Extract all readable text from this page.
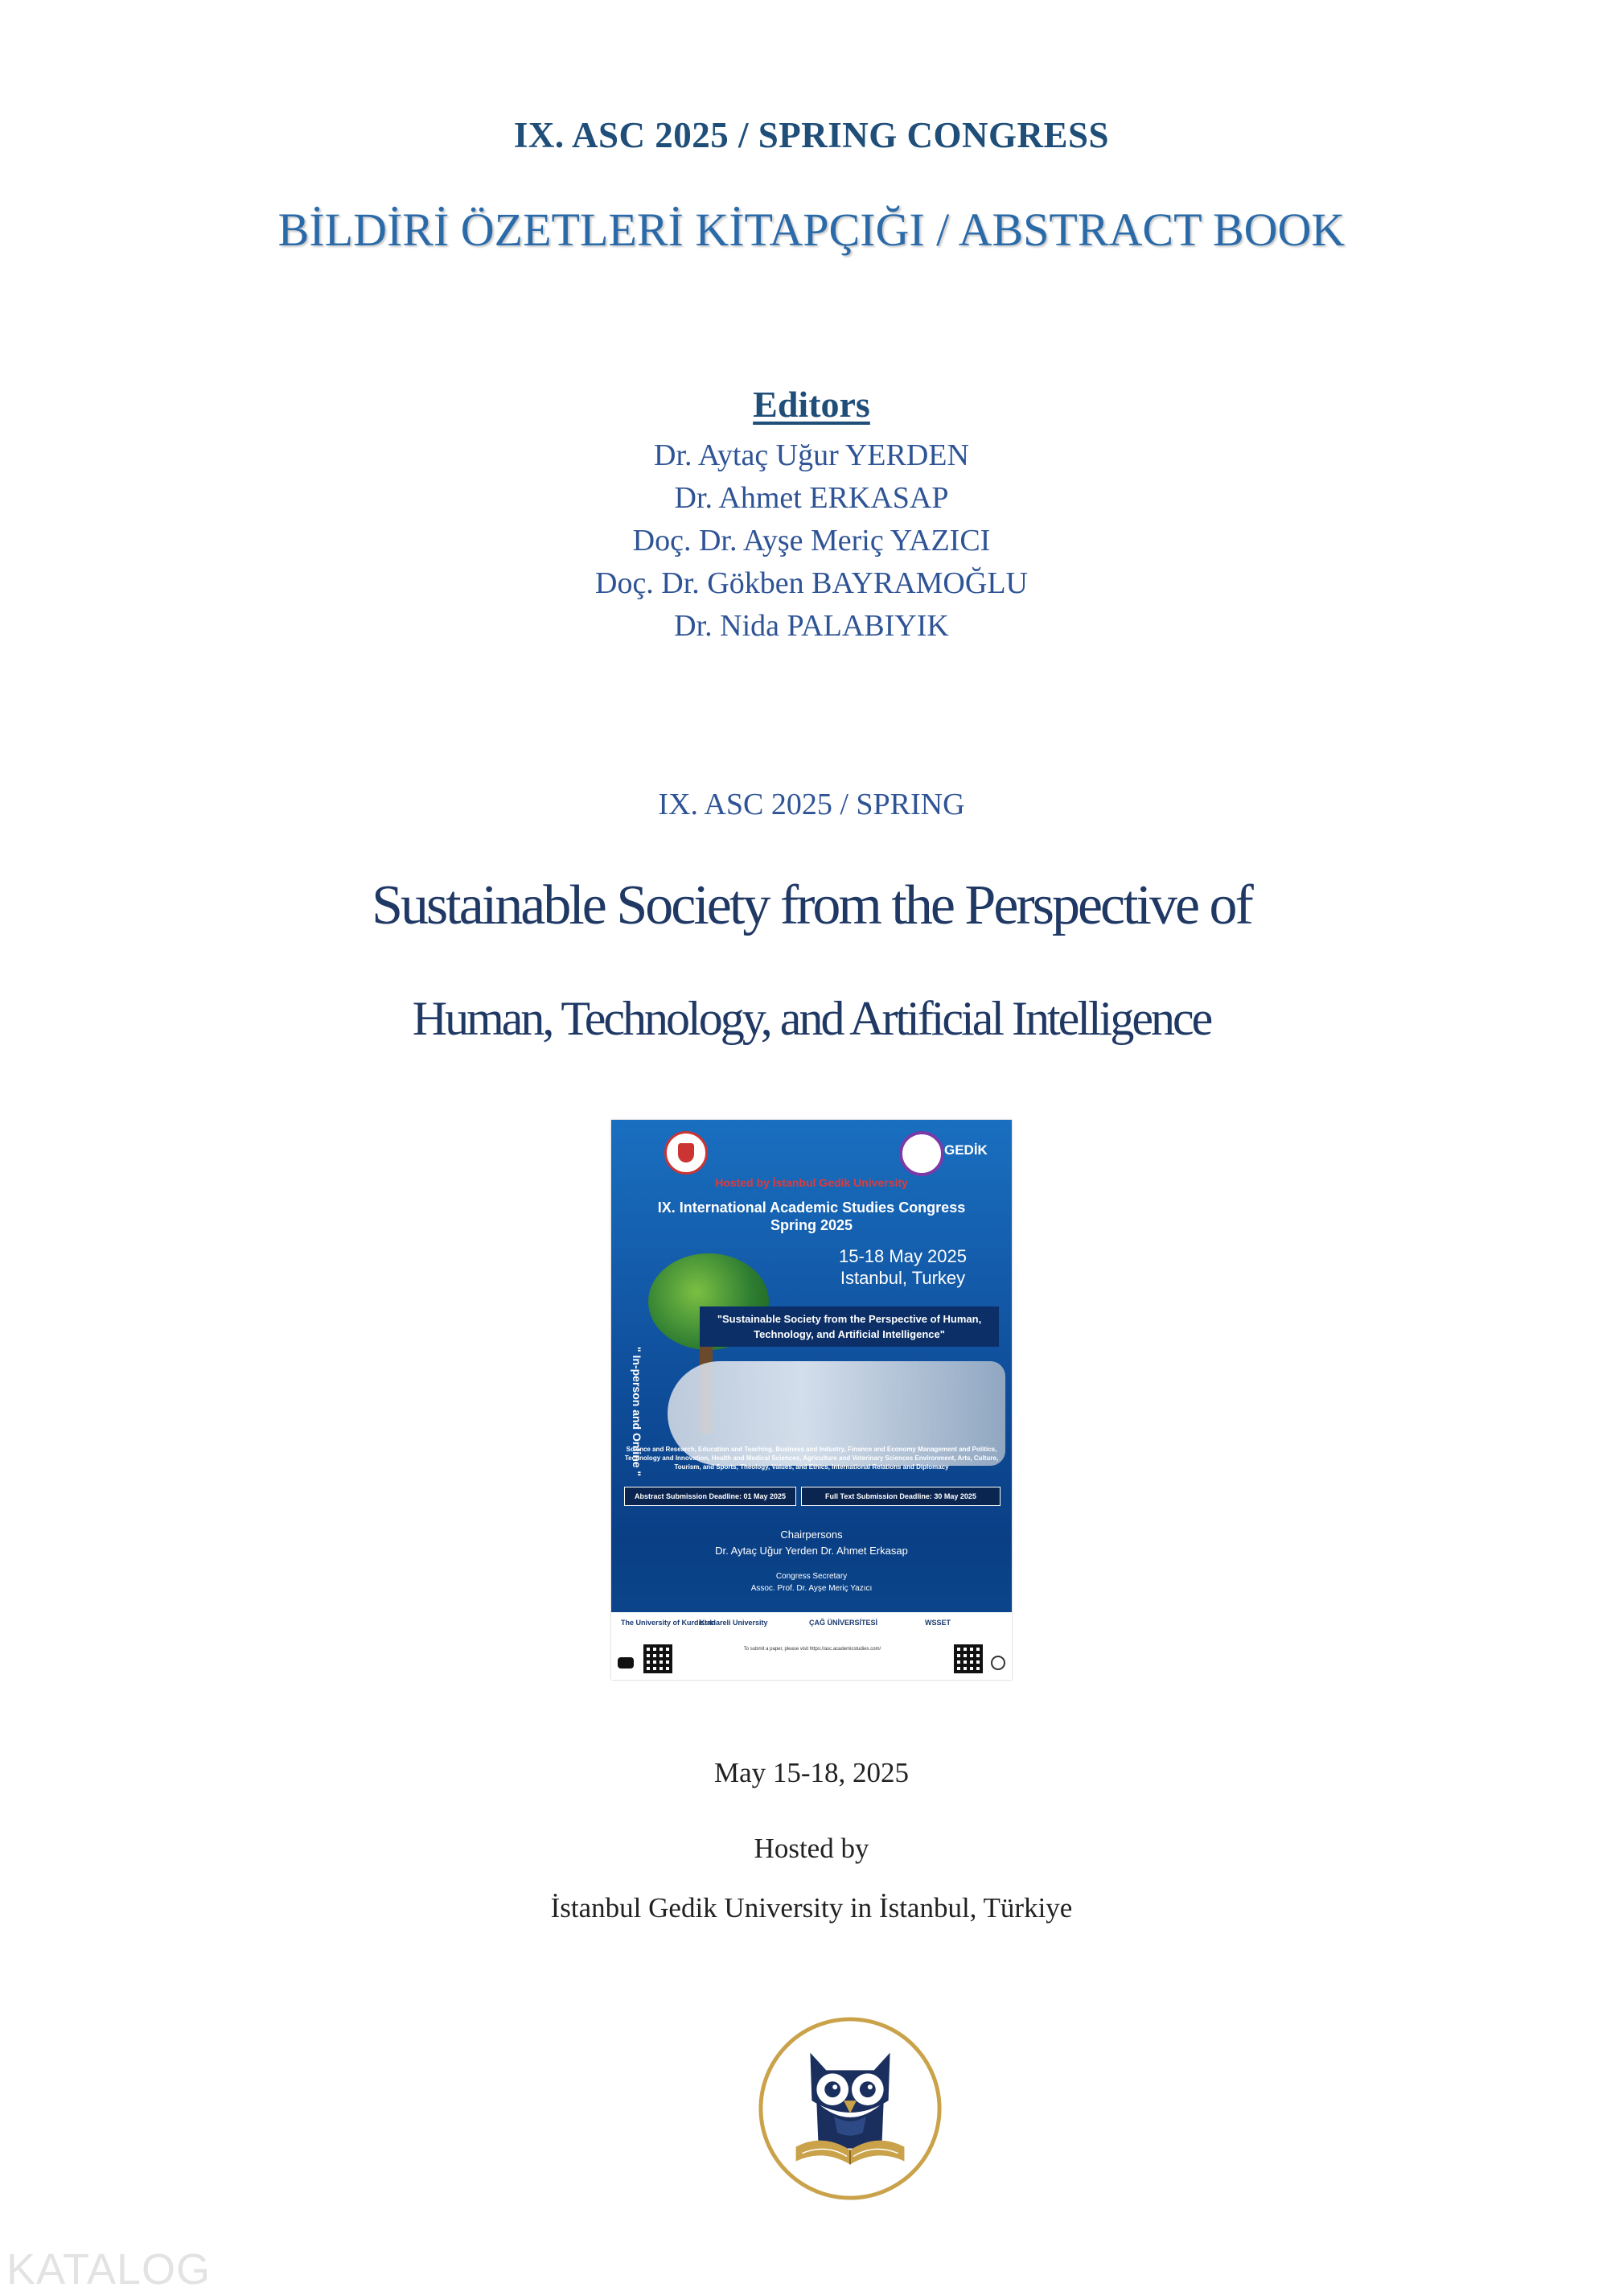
IX. ASC 2025 / SPRING CONGRESS
BİLDİRİ ÖZETLERİ KİTAPÇIĞI / ABSTRACT BOOK
Editors
Dr. Aytaç Uğur YERDEN
Dr. Ahmet ERKASAP
Doç. Dr. Ayşe Meriç YAZICI
Doç. Dr. Gökben BAYRAMOĞLU
Dr. Nida PALABIYIK
IX. ASC 2025 / SPRING
Sustainable Society from the Perspective of
Human, Technology, and Artificial Intelligence
GEDİK
Hosted by İstanbul Gedik University
IX. International Academic Studies Congress
Spring 2025
15-18 May 2025
Istanbul, Turkey
"Sustainable Society from the Perspective of Human, Technology, and Artificial Intelligence"
" In-person and Online "
Science and Research, Education and Teaching, Business and Industry, Finance and Economy Management and Politics, Technology and Innovation, Health and Medical Sciences, Agriculture and Veterinary Sciences Environment, Arts, Culture, Tourism, and Sports, Theology, Values, and Ethics, International Relations and Diplomacy
Abstract Submission Deadline: 01 May 2025	Full Text Submission Deadline: 30 May 2025
Chairpersons
Dr. Aytaç Uğur Yerden Dr. Ahmet Erkasap
Congress Secretary
Assoc. Prof. Dr. Ayşe Meriç Yazıcı
The University of Kurdistan
Kırklareli University	ÇAĞ ÜNİVERSİTESİ	WSSET
To submit a paper, please visit https://asc.academicstudies.com/
May 15-18, 2025
Hosted by
İstanbul Gedik University in İstanbul, Türkiye
KATALOG
